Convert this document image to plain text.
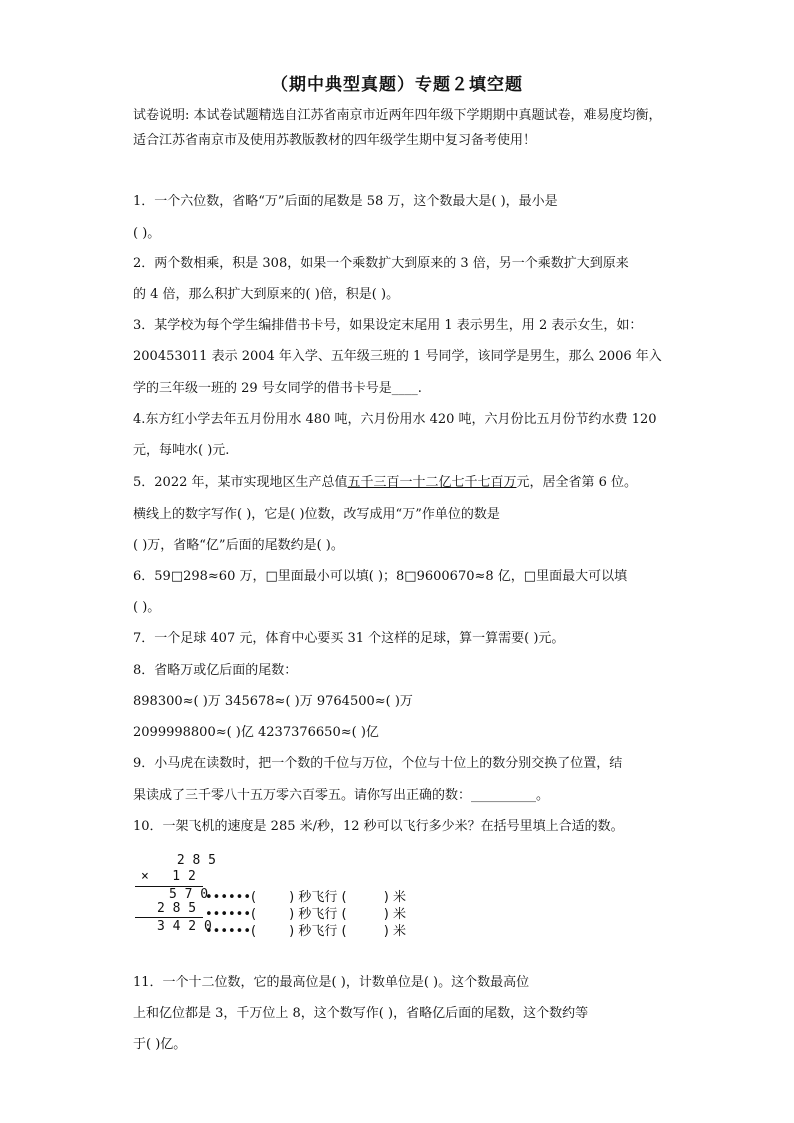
（期中典型真题）专题２填空题
试卷说明: 本试卷试题精选自江苏省南京市近两年四年级下学期期中真题试卷，难易度均衡，适合江苏省南京市及使用苏教版教材的四年级学生期中复习备考使用！
1．一个六位数，省略“万”后面的尾数是 58 万，这个数最大是( )，最小是
( )。
2．两个数相乘，积是 308，如果一个乘数扩大到原来的 3 倍，另一个乘数扩大到原来
的 4 倍，那么积扩大到原来的( )倍，积是( )。
3．某学校为每个学生编排借书卡号，如果设定末尾用 1 表示男生，用 2 表示女生，如：
200453011 表示 2004 年入学、五年级三班的 1 号同学，该同学是男生，那么 2006 年入
学的三年级一班的 29 号女同学的借书卡号是____.
4.东方红小学去年五月份用水 480 吨，六月份用水 420 吨，六月份比五月份节约水费 120
元，每吨水( )元.
5．2022 年，某市实现地区生产总值五千三百一十二亿七千七百万元，居全省第 6 位。
横线上的数字写作( )，它是( )位数，改写成用“万”作单位的数是
( )万，省略“亿”后面的尾数约是( )。
6．59□298≈60 万，□里面最小可以填( )；8□9600670≈8 亿，□里面最大可以填
( )。
7．一个足球 407 元，体育中心要买 31 个这样的足球，算一算需要( )元。
8．省略万或亿后面的尾数：
898300≈( )万 345678≈( )万 9764500≈( )万
2099998800≈( )亿 4237376650≈( )亿
9．小马虎在读数时，把一个数的千位与万位，个位与十位上的数分别交换了位置，结
果读成了三千零八十五万零六百零五。请你写出正确的数：__________。
10．一架飞机的速度是 285 米/秒，12 秒可以飞行多少米？在括号里填上合适的数。
2 8 5
×   1 2
5 7 0
2 8 5
3 4 2 0
••••••(        ) 秒飞行 (         ) 米
••••••(        ) 秒飞行 (         ) 米
••••••(        ) 秒飞行 (         ) 米
11．一个十二位数，它的最高位是( )，计数单位是( )。这个数最高位
上和亿位都是 3，千万位上 8，这个数写作( )，省略亿后面的尾数，这个数约等
于( )亿。
